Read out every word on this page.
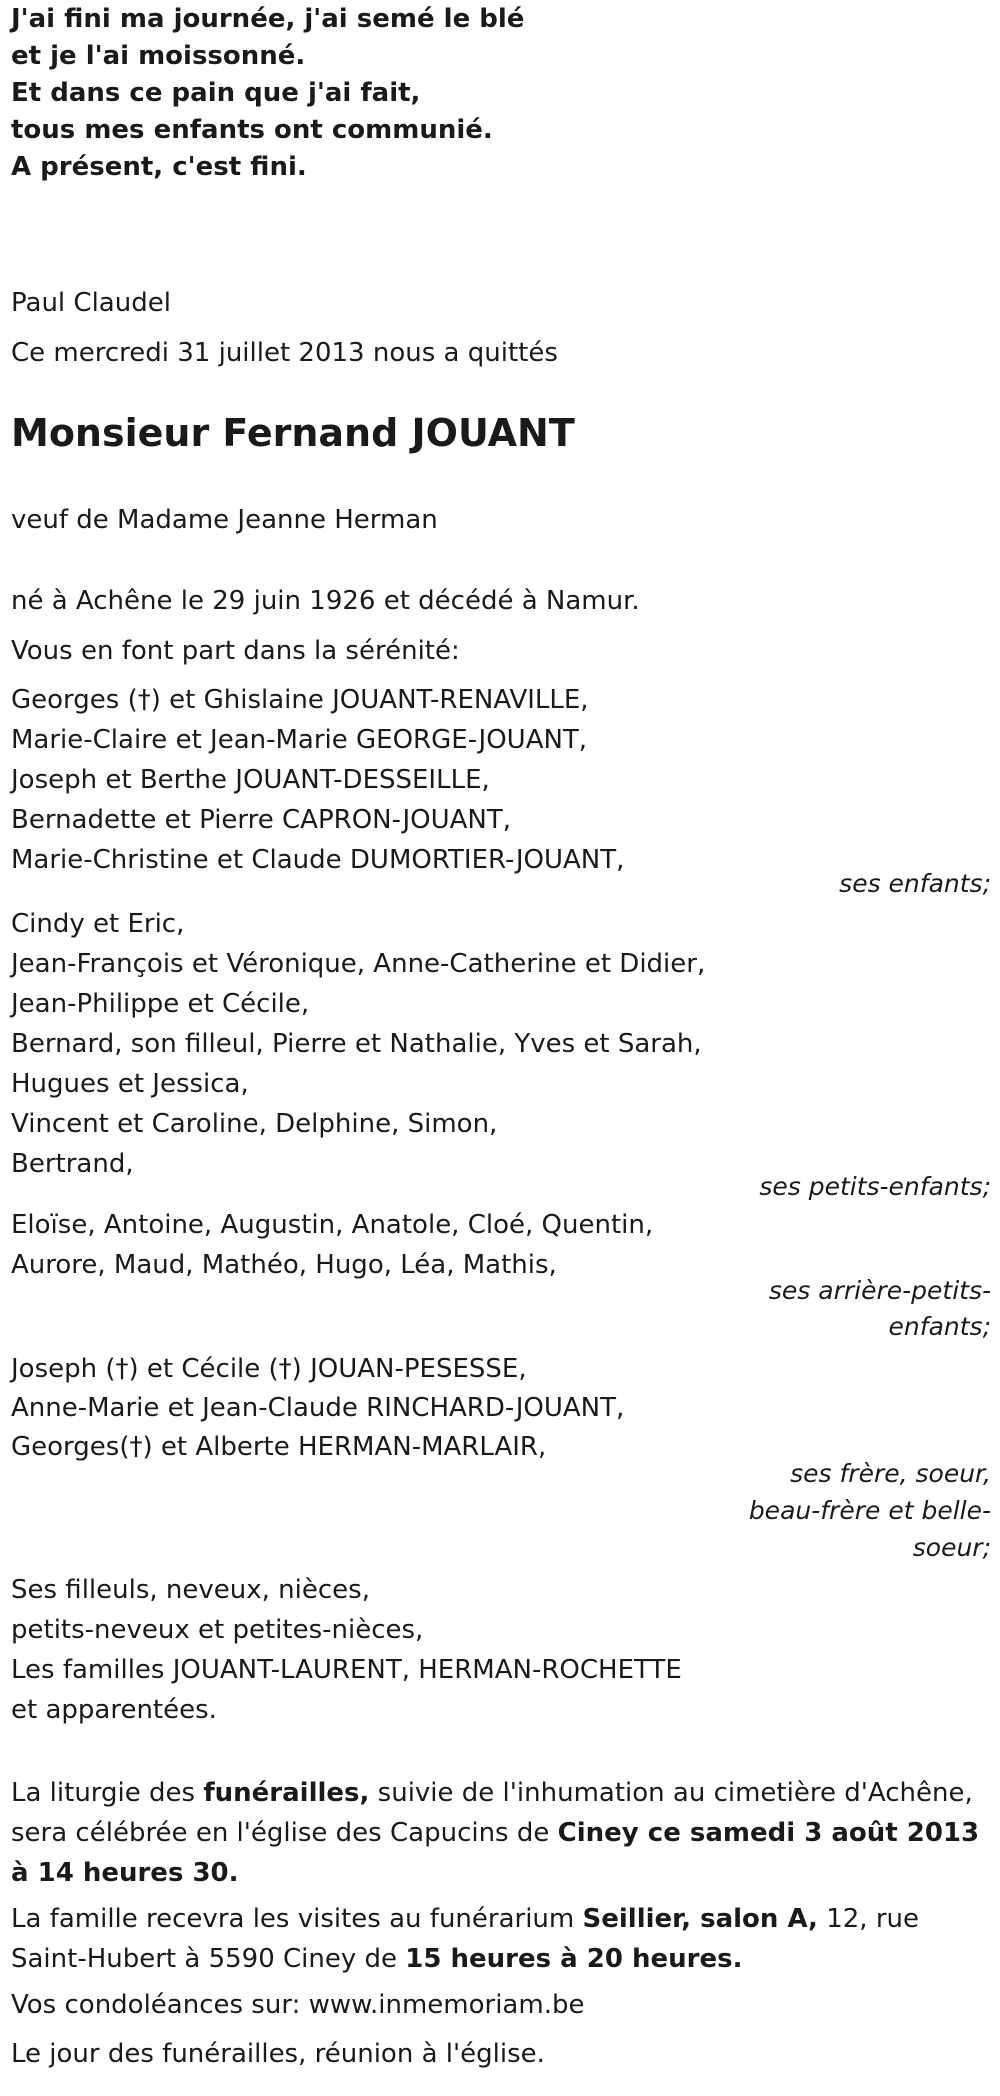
J'ai fini ma journée, j'ai semé le blé
et je l'ai moissonné.
Et dans ce pain que j'ai fait,
tous mes enfants ont communié.
A présent, c'est fini.
Paul Claudel
Ce mercredi 31 juillet 2013 nous a quittés
Monsieur Fernand JOUANT
veuf de Madame Jeanne Herman
né à Achêne le 29 juin 1926 et décédé à Namur.
Vous en font part dans la sérénité:
Georges (†) et Ghislaine JOUANT-RENAVILLE,
Marie-Claire et Jean-Marie GEORGE-JOUANT,
Joseph et Berthe JOUANT-DESSEILLE,
Bernadette et Pierre CAPRON-JOUANT,
Marie-Christine et Claude DUMORTIER-JOUANT,
ses enfants;
Cindy et Eric,
Jean-François et Véronique, Anne-Catherine et Didier,
Jean-Philippe et Cécile,
Bernard, son filleul, Pierre et Nathalie, Yves et Sarah,
Hugues et Jessica,
Vincent et Caroline, Delphine, Simon,
Bertrand,
ses petits-enfants;
Eloïse, Antoine, Augustin, Anatole, Cloé, Quentin,
Aurore, Maud, Mathéo, Hugo, Léa, Mathis,
ses arrière-petits-
enfants;
Joseph (†) et Cécile (†) JOUAN-PESESSE,
Anne-Marie et Jean-Claude RINCHARD-JOUANT,
Georges(†) et Alberte HERMAN-MARLAIR,
ses frère, soeur,
beau-frère et belle-
soeur;
Ses filleuls, neveux, nièces,
petits-neveux et petites-nièces,
Les familles JOUANT-LAURENT, HERMAN-ROCHETTE
et apparentées.
La liturgie des funérailles, suivie de l'inhumation au cimetière d'Achêne, sera célébrée en l'église des Capucins de Ciney ce samedi 3 août 2013 à 14 heures 30.
La famille recevra les visites au funérarium Seillier, salon A, 12, rue Saint-Hubert à 5590 Ciney de 15 heures à 20 heures.
Vos condoléances sur: www.inmemoriam.be
Le jour des funérailles, réunion à l'église.
